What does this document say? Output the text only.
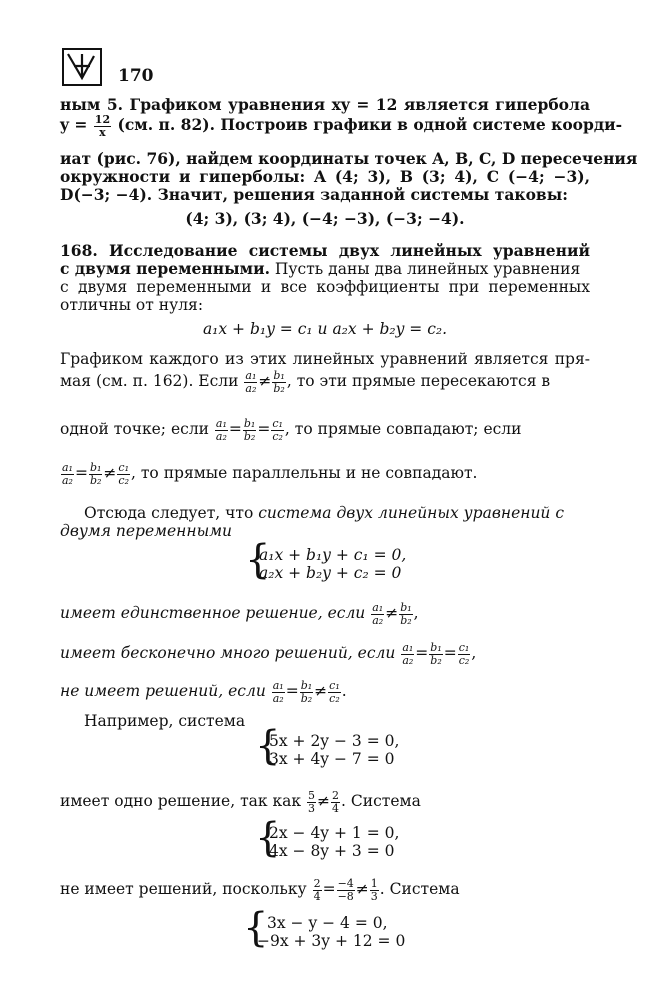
170
ным 5. Графиком уравнения xy = 12 является гипербола
$y = \frac{12}{x} (см$. п. 82). Построив графики в одной системе коорди-
иат (рис. 76), найдем координаты точек A, B, C, D пересечения
окружности и гиперболы: A (4; 3), B (3; 4), C (−4; −3),
D(−3; −4). Значит, решения заданной системы таковы:
(4; 3), (3; 4), (−4; −3), (−3; −4).
168. Исследование системы двух линейных уравнений
с двумя переменными. Пусть даны два линейных уравнения
с двумя переменными и все коэффициенты при переменных
отличны от нуля:
a₁x + b₁y = c₁ и a₂x + b₂y = c₂.
Графиком каждого из этих линейных уравнений является пря-
мая (см. п. 162). Если $\frac{\text{a₁}}{\text{a₂}} \ne \frac{\text{b₁}}{\text{b₂}}$ , то эти прямые пересекаются в
одной точке; если $\frac{\text{a₁}}{\text{a₂}} = \frac{\text{b₁}}{\text{b₂}} = \frac{\text{c₁}}{\text{c₂}}$ , то прямые совпадают; если
$\frac{\text{a₁}}{\text{a₂}} = \frac{\text{b₁}}{\text{b₂}} \ne \frac{\text{c₁}}{\text{c₂}}$ , то прямые параллельны и не совпадают.
Отсюда следует, что система двух линейных уравнений с
двумя переменными
{
a₁x + b₁y + c₁ = 0,
a₂x + b₂y + c₂ = 0
имеет единственное решение, если $\frac{\text{a₁}}{\text{a₂}} \ne \frac{\text{b₁}}{\text{b₂}}$ ,
имеет бесконечно много решений, если $\frac{\text{a₁}}{\text{a₂}} = \frac{\text{b₁}}{\text{b₂}} = \frac{\text{c₁}}{\text{c₂}}$ ,
не имеет решений, если $\frac{\text{a₁}}{\text{a₂}} = \frac{\text{b₁}}{\text{b₂}} \ne \frac{\text{c₁}}{\text{c₂}}$ .
Например, система
{
5x + 2y − 3 = 0,
3x + 4y − 7 = 0
имеет одно решение, так как $\frac{5}{3} \ne \frac{2}{4}$ . Система
{
2x − 4y + 1 = 0,
4x − 8y + 3 = 0
не имеет решений, поскольку $\frac{2}{4} = \frac{-4}{-8} \ne \frac{1}{3}$ . Система
{
3x − y − 4 = 0,
−9x + 3y + 12 = 0
